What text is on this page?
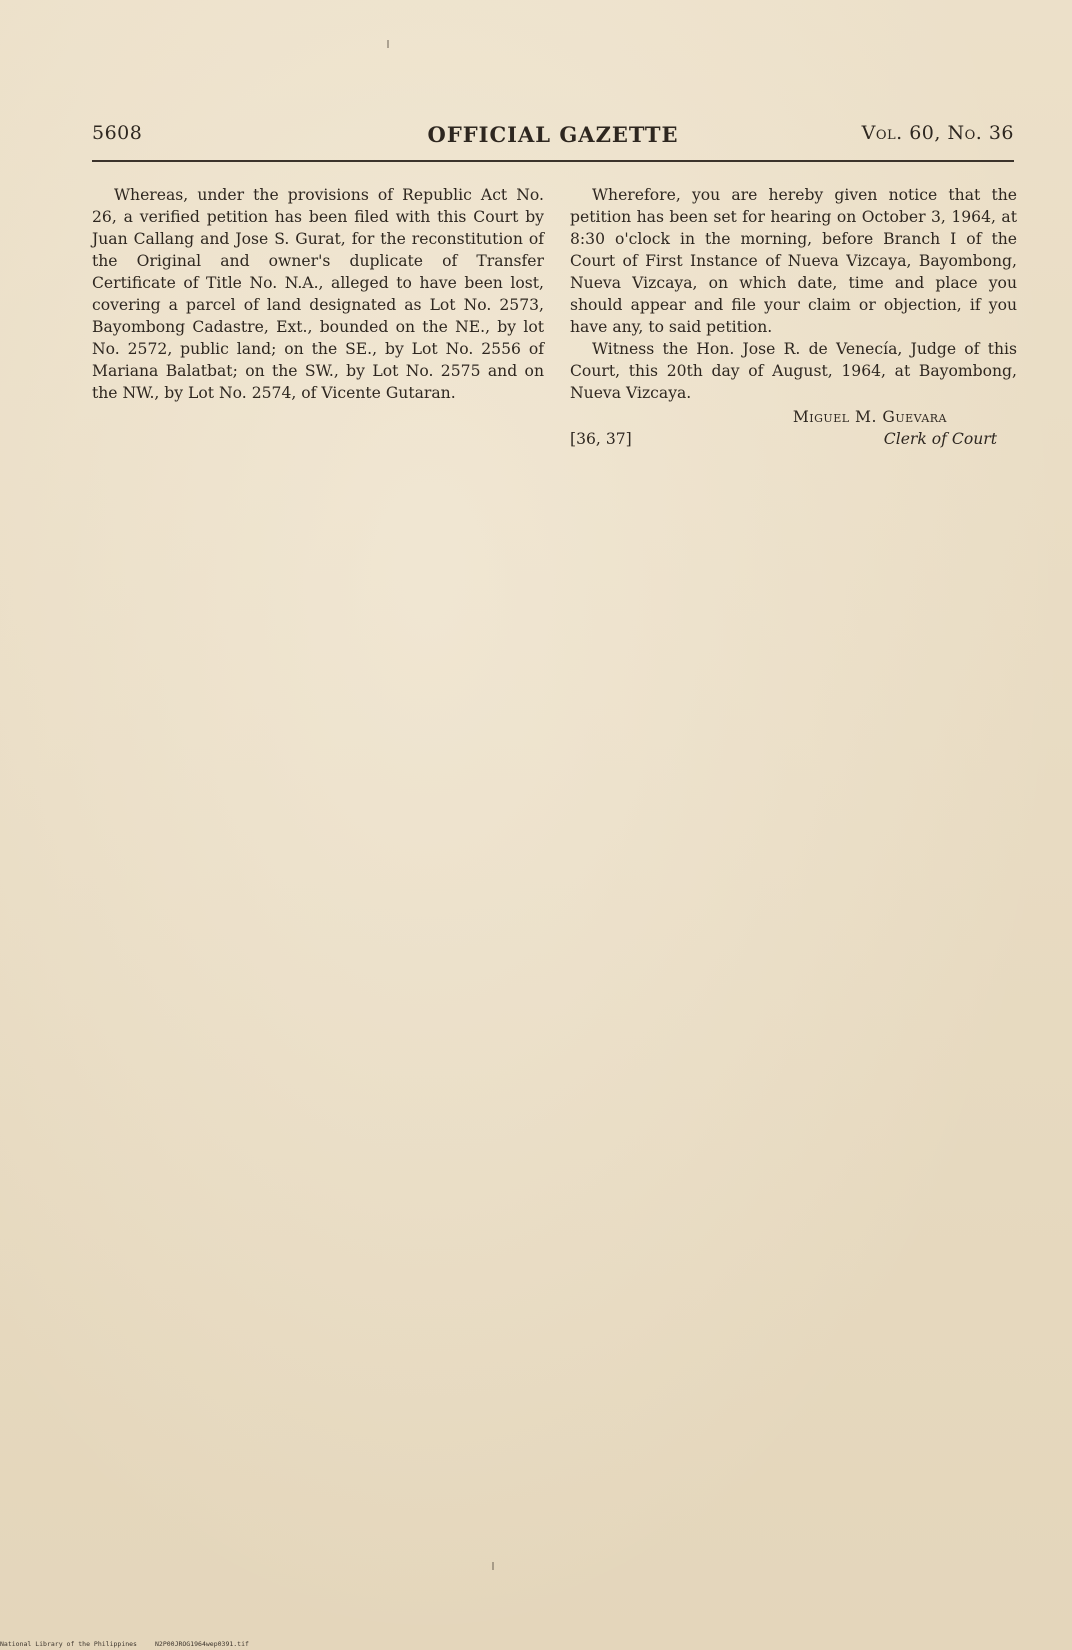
5608	OFFICIAL GAZETTE	Vol. 60, No. 36

Whereas, under the provisions of Republic Act No. 26, a verified petition has been filed with this Court by Juan Callang and Jose S. Gurat, for the reconstitution of the Original and owner's duplicate of Transfer Certificate of Title No. N.A., alleged to have been lost, covering a parcel of land designated as Lot No. 2573, Bayombong Cadastre, Ext., bounded on the NE., by lot No. 2572, public land; on the SE., by Lot No. 2556 of Mariana Balatbat; on the SW., by Lot No. 2575 and on the NW., by Lot No. 2574, of Vicente Gutaran.

Wherefore, you are hereby given notice that the petition has been set for hearing on October 3, 1964, at 8:30 o'clock in the morning, before Branch I of the Court of First Instance of Nueva Vizcaya, Bayombong, Nueva Vizcaya, on which date, time and place you should appear and file your claim or objection, if you have any, to said petition.

Witness the Hon. Jose R. de Venecía, Judge of this Court, this 20th day of August, 1964, at Bayombong, Nueva Vizcaya.

Miguel M. Guevara
[36, 37]	Clerk of Court
National Library of the Philippines	N2P00JROG1964wep0391.tif
